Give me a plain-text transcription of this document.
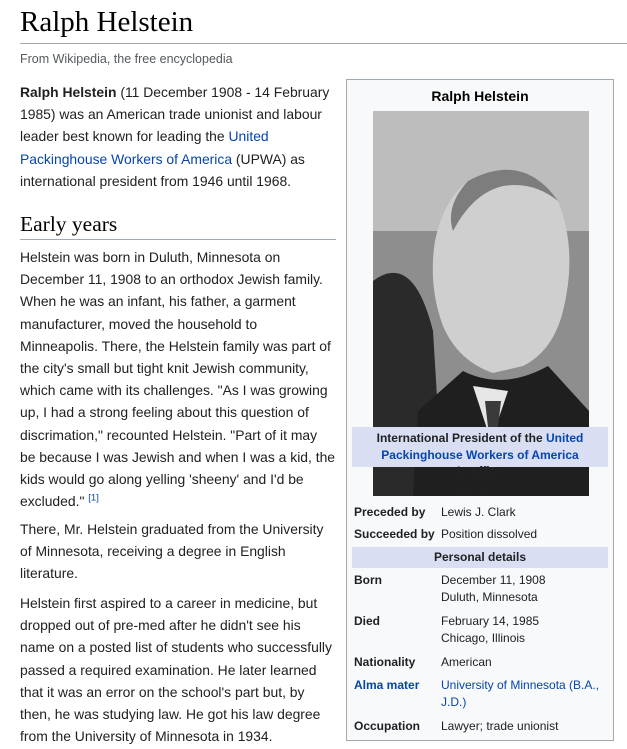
Ralph Helstein
From Wikipedia, the free encyclopedia

Ralph Helstein (11 December 1908 - 14 February 1985) was an American trade unionist and labour leader best known for leading the United Packinghouse Workers of America (UPWA) as international president from 1946 until 1968.

Early years

Helstein was born in Duluth, Minnesota on December 11, 1908 to an orthodox Jewish family. When he was an infant, his father, a garment manufacturer, moved the household to Minneapolis. There, the Helstein family was part of the city's small but tight knit Jewish community, which came with its challenges. "As I was growing up, I had a strong feeling about this question of discrimation," recounted Helstein. "Part of it may be because I was Jewish and when I was a kid, the kids would go along yelling 'sheeny' and I'd be excluded." [1]

There, Mr. Helstein graduated from the University of Minnesota, receiving a degree in English literature.

Helstein first aspired to a career in medicine, but dropped out of pre-med after he didn't see his name on a posted list of students who successfully passed a required examination. He later learned that it was an error on the school's part but, by then, he was studying law. He got his law degree from the University of Minnesota in 1934.

Ralph Helstein
International President of the United Packinghouse Workers of America
In office
1946–1968
Preceded by Lewis J. Clark
Succeeded by Position dissolved
Personal details
Born	December 11, 1908
Duluth, Minnesota
Died	February 14, 1985
Chicago, Illinois
Nationality American
Alma mater University of Minnesota (B.A., J.D.)
Occupation Lawyer; trade unionist
